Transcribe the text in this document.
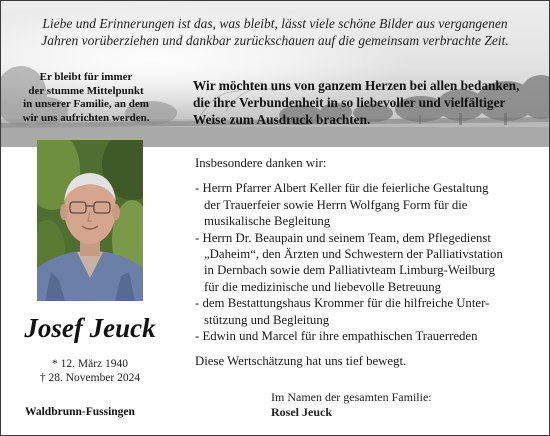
Liebe und Erinnerungen ist das, was bleibt, lässt viele schöne Bilder aus vergangenen
Jahren vorüberziehen und dankbar zurückschauen auf die gemeinsam verbrachte Zeit.
Er bleibt für immer
der stumme Mittelpunkt
in unserer Familie, an dem
wir uns aufrichten werden.
Wir möchten uns von ganzem Herzen bei allen bedanken,
die ihre Verbundenheit in so liebevoller und vielfältiger
Weise zum Ausdruck brachten.
Josef Jeuck
* 12. März 1940
† 28. November 2024
Waldbrunn-Fussingen
Insbesondere danken wir:
- Herrn Pfarrer Albert Keller für die feierliche Gestaltung
der Trauerfeier sowie Herrn Wolfgang Form für die
musikalische Begleitung
- Herrn Dr. Beaupain und seinem Team, dem Pflegedienst
„Daheim“, den Ärzten und Schwestern der Palliativstation
in Dernbach sowie dem Palliativteam Limburg-Weilburg
für die medizinische und liebevolle Betreuung
- dem Bestattungshaus Krommer für die hilfreiche Unter-
stützung und Begleitung
- Edwin und Marcel für ihre empathischen Trauerreden
Diese Wertschätzung hat uns tief bewegt.
Im Namen der gesamten Familie:
Rosel Jeuck
